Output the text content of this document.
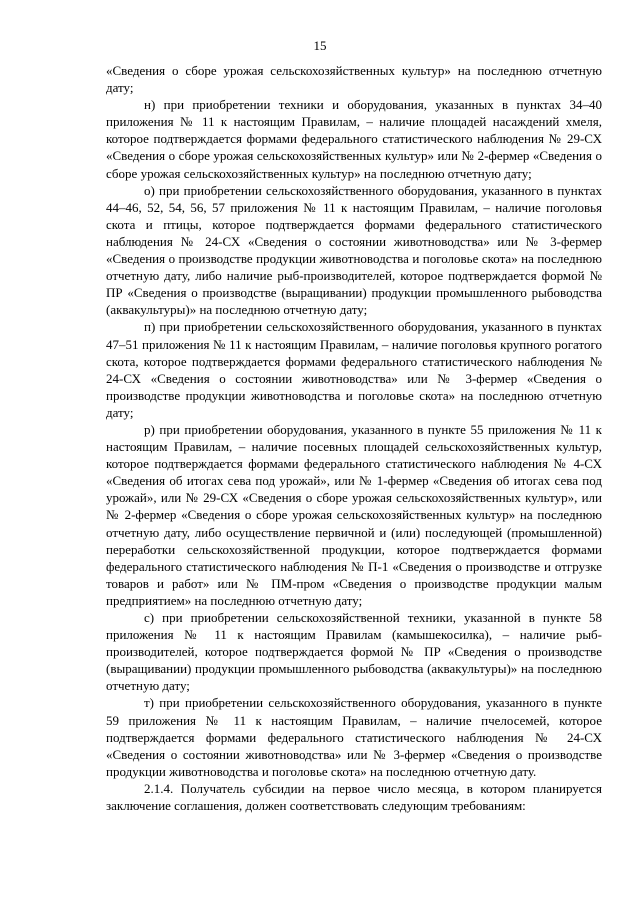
15

«Сведения о сборе урожая сельскохозяйственных культур» на последнюю отчетную дату;

н) при приобретении техники и оборудования, указанных в пунктах 34–40 приложения № 11 к настоящим Правилам, – наличие площадей насаждений хмеля, которое подтверждается формами федерального статистического наблюдения № 29-СХ «Сведения о сборе урожая сельскохозяйственных культур» или № 2-фермер «Сведения о сборе урожая сельскохозяйственных культур» на последнюю отчетную дату;

о) при приобретении сельскохозяйственного оборудования, указанного в пунктах 44–46, 52, 54, 56, 57 приложения № 11 к настоящим Правилам, – наличие поголовья скота и птицы, которое подтверждается формами федерального статистического наблюдения № 24-СХ «Сведения о состоянии животноводства» или № 3-фермер «Сведения о производстве продукции животноводства и поголовье скота» на последнюю отчетную дату, либо наличие рыб-производителей, которое подтверждается формой № ПР «Сведения о производстве (выращивании) продукции промышленного рыбоводства (аквакультуры)» на последнюю отчетную дату;

п) при приобретении сельскохозяйственного оборудования, указанного в пунктах 47–51 приложения № 11 к настоящим Правилам, – наличие поголовья крупного рогатого скота, которое подтверждается формами федерального статистического наблюдения № 24-СХ «Сведения о состоянии животноводства» или № 3-фермер «Сведения о производстве продукции животноводства и поголовье скота» на последнюю отчетную дату;

р) при приобретении оборудования, указанного в пункте 55 приложения № 11 к настоящим Правилам, – наличие посевных площадей сельскохозяйственных культур, которое подтверждается формами федерального статистического наблюдения № 4-СХ «Сведения об итогах сева под урожай», или № 1-фермер «Сведения об итогах сева под урожай», или № 29-СХ «Сведения о сборе урожая сельскохозяйственных культур», или № 2-фермер «Сведения о сборе урожая сельскохозяйственных культур» на последнюю отчетную дату, либо осуществление первичной и (или) последующей (промышленной) переработки сельскохозяйственной продукции, которое подтверждается формами федерального статистического наблюдения № П-1 «Сведения о производстве и отгрузке товаров и работ» или № ПМ-пром «Сведения о производстве продукции малым предприятием» на последнюю отчетную дату;

с) при приобретении сельскохозяйственной техники, указанной в пункте 58 приложения № 11 к настоящим Правилам (камышекосилка), – наличие рыб-производителей, которое подтверждается формой № ПР «Сведения о производстве (выращивании) продукции промышленного рыбоводства (аквакультуры)» на последнюю отчетную дату;

т) при приобретении сельскохозяйственного оборудования, указанного в пункте 59 приложения № 11 к настоящим Правилам, – наличие пчелосемей, которое подтверждается формами федерального статистического наблюдения № 24-СХ «Сведения о состоянии животноводства» или № 3-фермер «Сведения о производстве продукции животноводства и поголовье скота» на последнюю отчетную дату.

2.1.4. Получатель субсидии на первое число месяца, в котором планируется заключение соглашения, должен соответствовать следующим требованиям:
